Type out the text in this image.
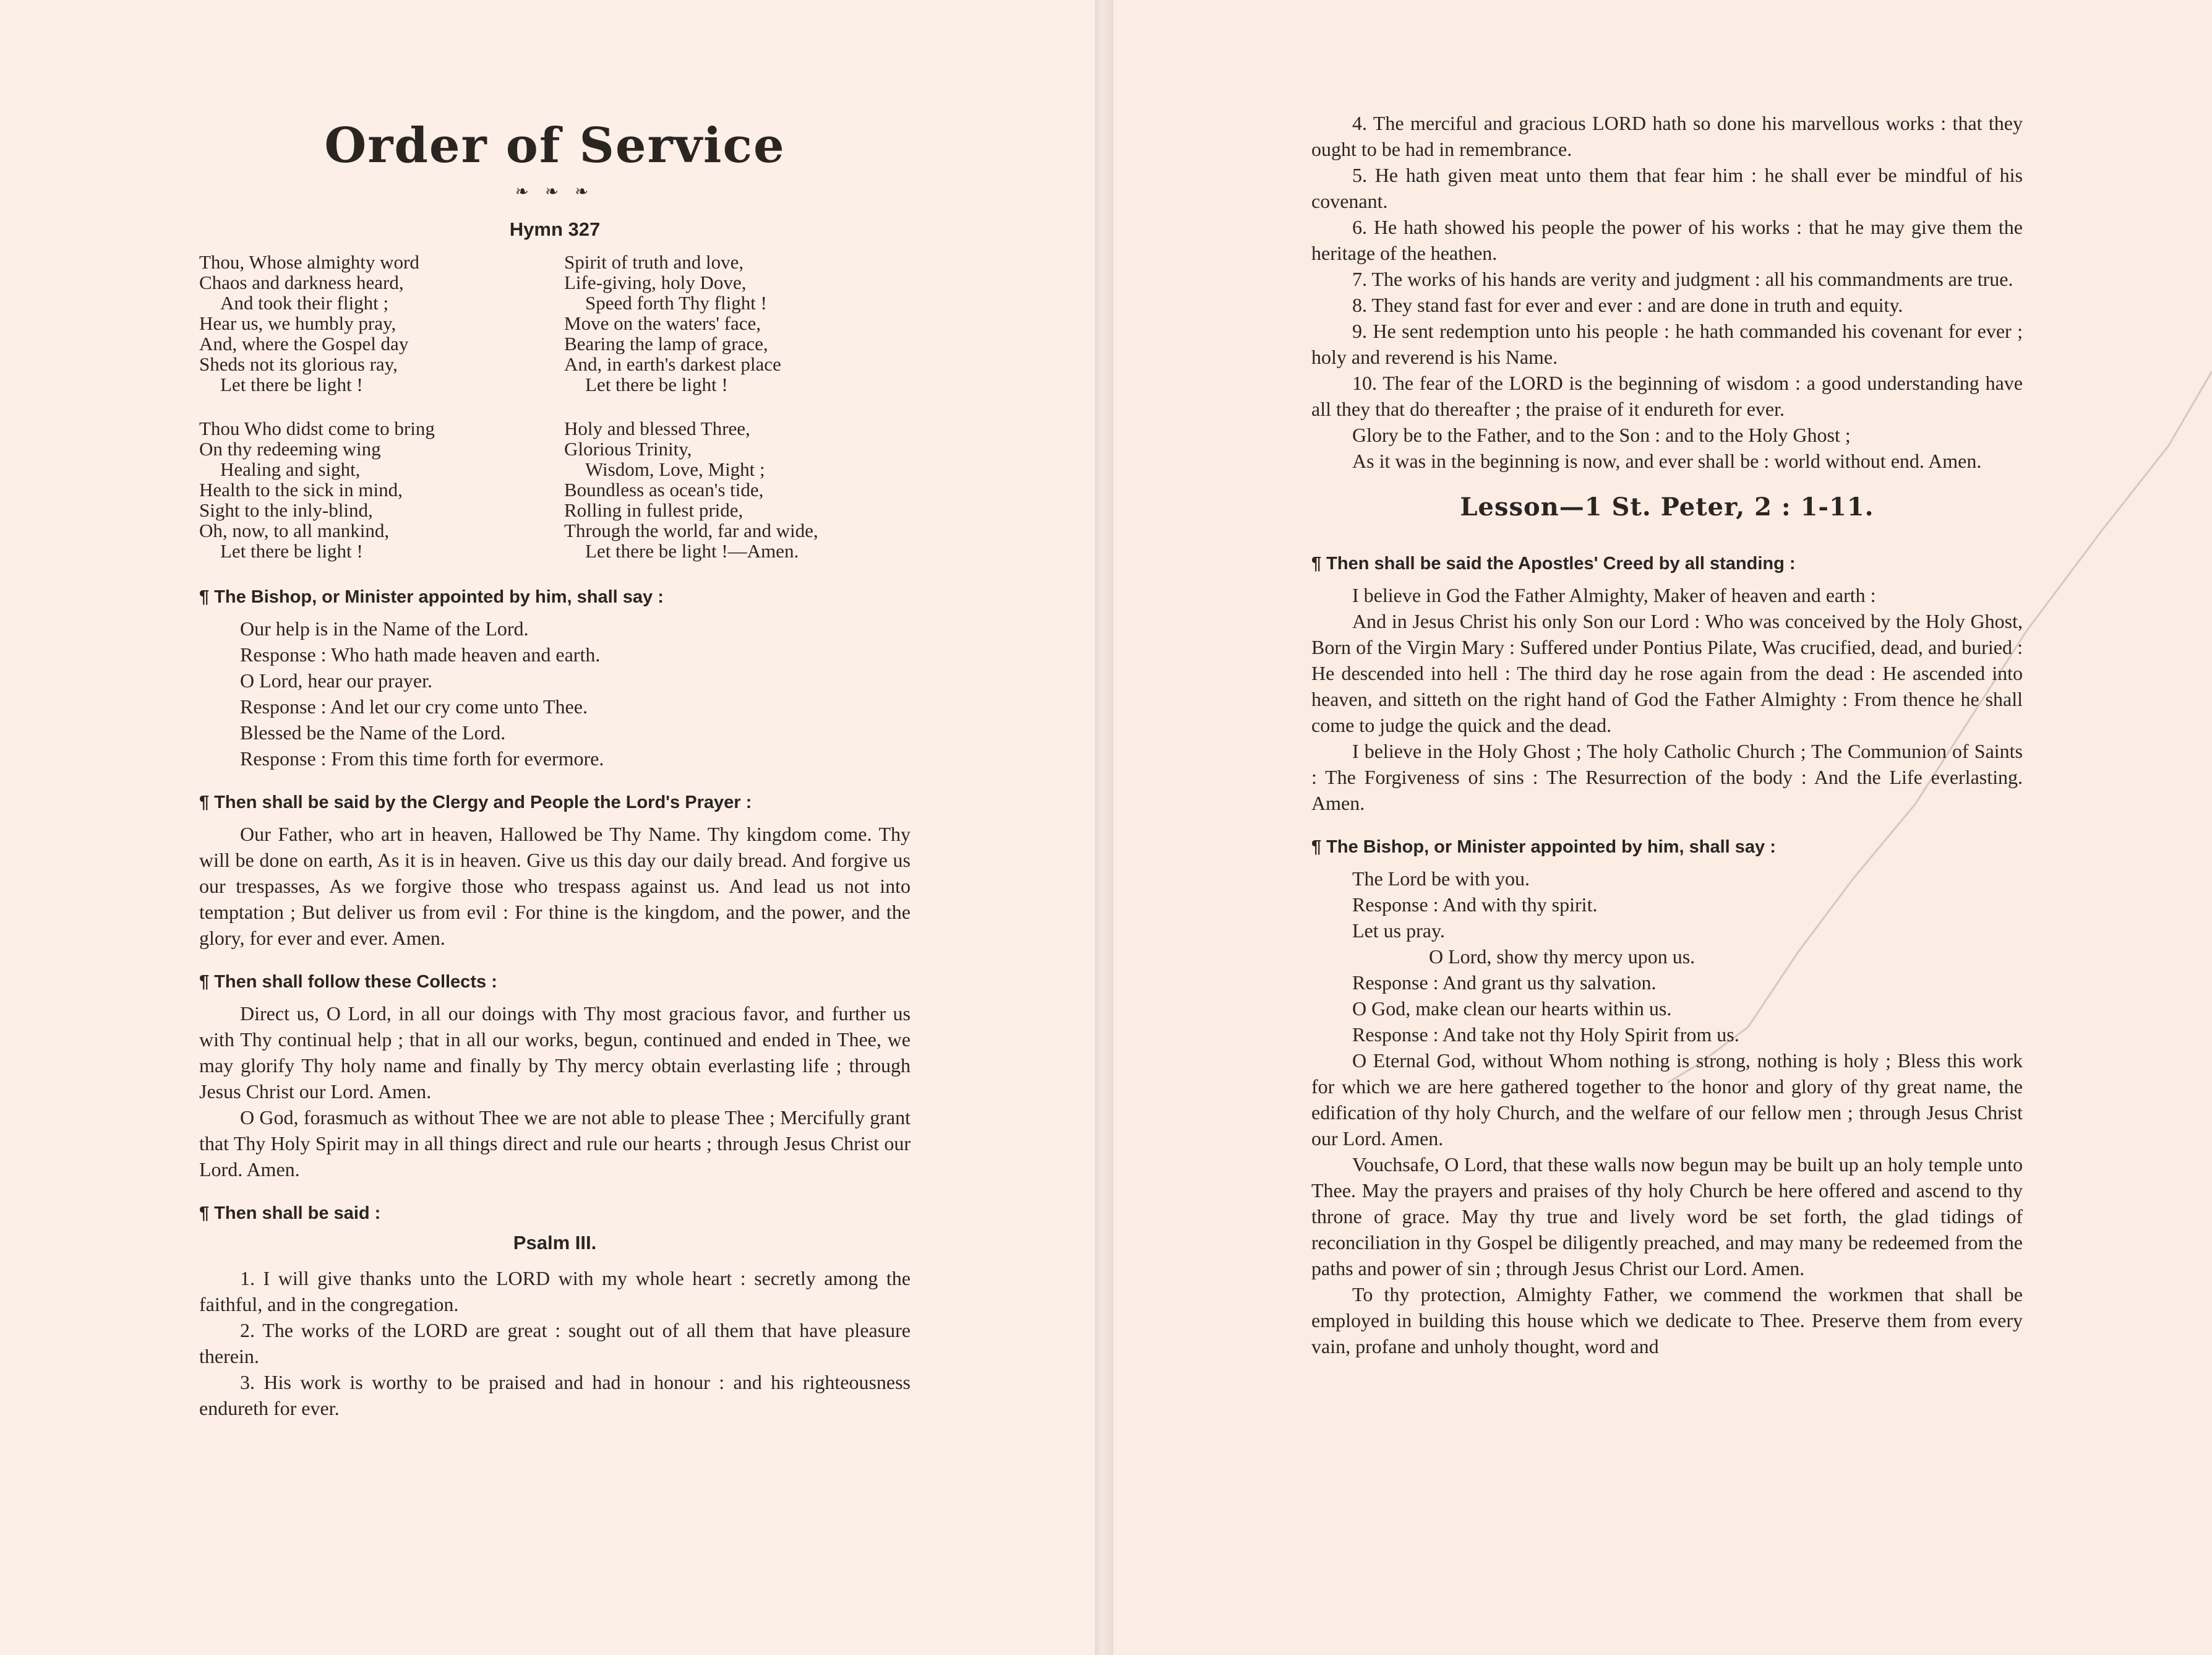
Order of Service
❧ ❧ ❧
Hymn 327
Thou, Whose almighty word
Chaos and darkness heard,
And took their flight ;
Hear us, we humbly pray,
And, where the Gospel day
Sheds not its glorious ray,
Let there be light !
Thou Who didst come to bring
On thy redeeming wing
Healing and sight,
Health to the sick in mind,
Sight to the inly-blind,
Oh, now, to all mankind,
Let there be light !
Spirit of truth and love,
Life-giving, holy Dove,
Speed forth Thy flight !
Move on the waters' face,
Bearing the lamp of grace,
And, in earth's darkest place
Let there be light !
Holy and blessed Three,
Glorious Trinity,
Wisdom, Love, Might ;
Boundless as ocean's tide,
Rolling in fullest pride,
Through the world, far and wide,
Let there be light !—Amen.
¶ The Bishop, or Minister appointed by him, shall say :
Our help is in the Name of the Lord.
Response : Who hath made heaven and earth.
O Lord, hear our prayer.
Response : And let our cry come unto Thee.
Blessed be the Name of the Lord.
Response : From this time forth for evermore.
¶ Then shall be said by the Clergy and People the Lord's Prayer :
Our Father, who art in heaven, Hallowed be Thy Name. Thy kingdom come. Thy will be done on earth, As it is in heaven. Give us this day our daily bread. And forgive us our trespasses, As we forgive those who trespass against us. And lead us not into temptation ; But deliver us from evil : For thine is the kingdom, and the power, and the glory, for ever and ever. Amen.
¶ Then shall follow these Collects :
Direct us, O Lord, in all our doings with Thy most gracious favor, and further us with Thy continual help ; that in all our works, begun, continued and ended in Thee, we may glorify Thy holy name and finally by Thy mercy obtain everlasting life ; through Jesus Christ our Lord. Amen.
O God, forasmuch as without Thee we are not able to please Thee ; Mercifully grant that Thy Holy Spirit may in all things direct and rule our hearts ; through Jesus Christ our Lord. Amen.
¶ Then shall be said :
Psalm III.
1. I will give thanks unto the LORD with my whole heart : secretly among the faithful, and in the congregation.
2. The works of the LORD are great : sought out of all them that have pleasure therein.
3. His work is worthy to be praised and had in honour : and his righteousness endureth for ever.
4. The merciful and gracious LORD hath so done his marvellous works : that they ought to be had in remembrance.
5. He hath given meat unto them that fear him : he shall ever be mindful of his covenant.
6. He hath showed his people the power of his works : that he may give them the heritage of the heathen.
7. The works of his hands are verity and judgment : all his commandments are true.
8. They stand fast for ever and ever : and are done in truth and equity.
9. He sent redemption unto his people : he hath commanded his covenant for ever ; holy and reverend is his Name.
10. The fear of the LORD is the beginning of wisdom : a good understanding have all they that do thereafter ; the praise of it endureth for ever.
Glory be to the Father, and to the Son : and to the Holy Ghost ;
As it was in the beginning is now, and ever shall be : world without end. Amen.
Lesson—1 St. Peter, 2 : 1-11.
¶ Then shall be said the Apostles' Creed by all standing :
I believe in God the Father Almighty, Maker of heaven and earth :
And in Jesus Christ his only Son our Lord : Who was conceived by the Holy Ghost, Born of the Virgin Mary : Suffered under Pontius Pilate, Was crucified, dead, and buried : He descended into hell : The third day he rose again from the dead : He ascended into heaven, and sitteth on the right hand of God the Father Almighty : From thence he shall come to judge the quick and the dead.
I believe in the Holy Ghost ; The holy Catholic Church ; The Communion of Saints : The Forgiveness of sins : The Resurrection of the body : And the Life everlasting. Amen.
¶ The Bishop, or Minister appointed by him, shall say :
The Lord be with you.
Response : And with thy spirit.
Let us pray.
O Lord, show thy mercy upon us.
Response : And grant us thy salvation.
O God, make clean our hearts within us.
Response : And take not thy Holy Spirit from us.
O Eternal God, without Whom nothing is strong, nothing is holy ; Bless this work for which we are here gathered together to the honor and glory of thy great name, the edification of thy holy Church, and the welfare of our fellow men ; through Jesus Christ our Lord. Amen.
Vouchsafe, O Lord, that these walls now begun may be built up an holy temple unto Thee. May the prayers and praises of thy holy Church be here offered and ascend to thy throne of grace. May thy true and lively word be set forth, the glad tidings of reconciliation in thy Gospel be diligently preached, and may many be redeemed from the paths and power of sin ; through Jesus Christ our Lord. Amen.
To thy protection, Almighty Father, we commend the workmen that shall be employed in building this house which we dedicate to Thee. Preserve them from every vain, profane and unholy thought, word and
